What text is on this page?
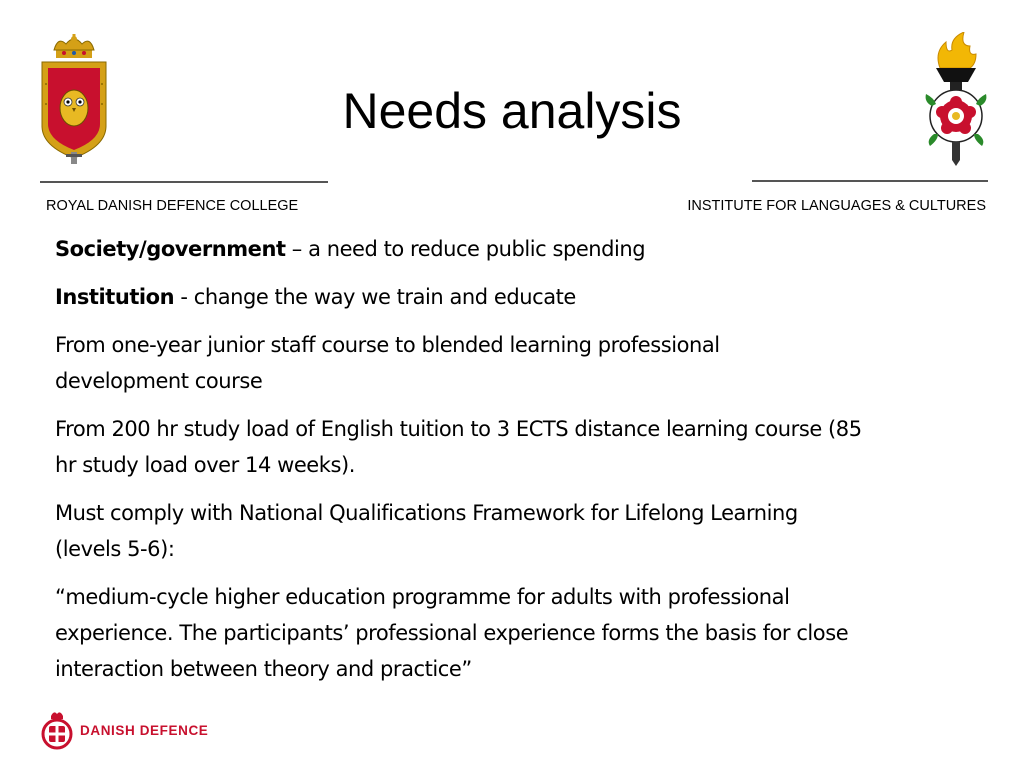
Needs analysis
ROYAL DANISH DEFENCE COLLEGE	INSTITUTE FOR LANGUAGES & CULTURES

Society/government – a need to reduce public spending

Institution - change the way we train and educate

From one-year junior staff course to blended learning professional
development course

From 200 hr study load of English tuition to 3 ECTS distance learning course (85
hr study load over 14 weeks).

Must comply with National Qualifications Framework for Lifelong Learning
(levels 5-6):

“medium-cycle higher education programme for adults with professional
experience. The participants’ professional experience forms the basis for close
interaction between theory and practice”

DANISH DEFENCE
